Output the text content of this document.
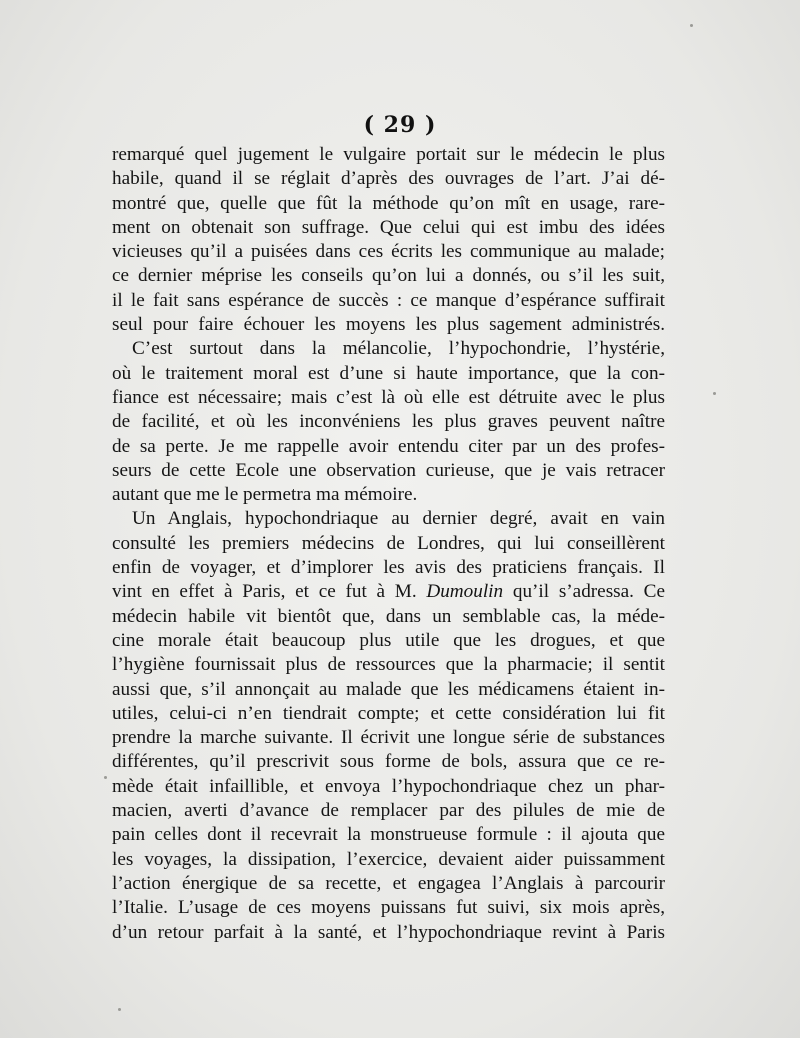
( 29 )
remarqué quel jugement le vulgaire portait sur le médecin le plus
habile, quand il se réglait d’après des ouvrages de l’art. J’ai dé-
montré que, quelle que fût la méthode qu’on mît en usage, rare-
ment on obtenait son suffrage. Que celui qui est imbu des idées
vicieuses qu’il a puisées dans ces écrits les communique au malade;
ce dernier méprise les conseils qu’on lui a donnés, ou s’il les suit,
il le fait sans espérance de succès : ce manque d’espérance suffirait
seul pour faire échouer les moyens les plus sagement administrés.
C’est surtout dans la mélancolie, l’hypochondrie, l’hystérie,
où le traitement moral est d’une si haute importance, que la con-
fiance est nécessaire; mais c’est là où elle est détruite avec le plus
de facilité, et où les inconvéniens les plus graves peuvent naître
de sa perte. Je me rappelle avoir entendu citer par un des profes-
seurs de cette Ecole une observation curieuse, que je vais retracer
autant que me le permetra ma mémoire.
Un Anglais, hypochondriaque au dernier degré, avait en vain
consulté les premiers médecins de Londres, qui lui conseillèrent
enfin de voyager, et d’implorer les avis des praticiens français. Il
vint en effet à Paris, et ce fut à M. Dumoulin qu’il s’adressa. Ce
médecin habile vit bientôt que, dans un semblable cas, la méde-
cine morale était beaucoup plus utile que les drogues, et que
l’hygiène fournissait plus de ressources que la pharmacie; il sentit
aussi que, s’il annonçait au malade que les médicamens étaient in-
utiles, celui-ci n’en tiendrait compte; et cette considération lui fit
prendre la marche suivante. Il écrivit une longue série de substances
différentes, qu’il prescrivit sous forme de bols, assura que ce re-
mède était infaillible, et envoya l’hypochondriaque chez un phar-
macien, averti d’avance de remplacer par des pilules de mie de
pain celles dont il recevrait la monstrueuse formule : il ajouta que
les voyages, la dissipation, l’exercice, devaient aider puissamment
l’action énergique de sa recette, et engagea l’Anglais à parcourir
l’Italie. L’usage de ces moyens puissans fut suivi, six mois après,
d’un retour parfait à la santé, et l’hypochondriaque revint à Paris
